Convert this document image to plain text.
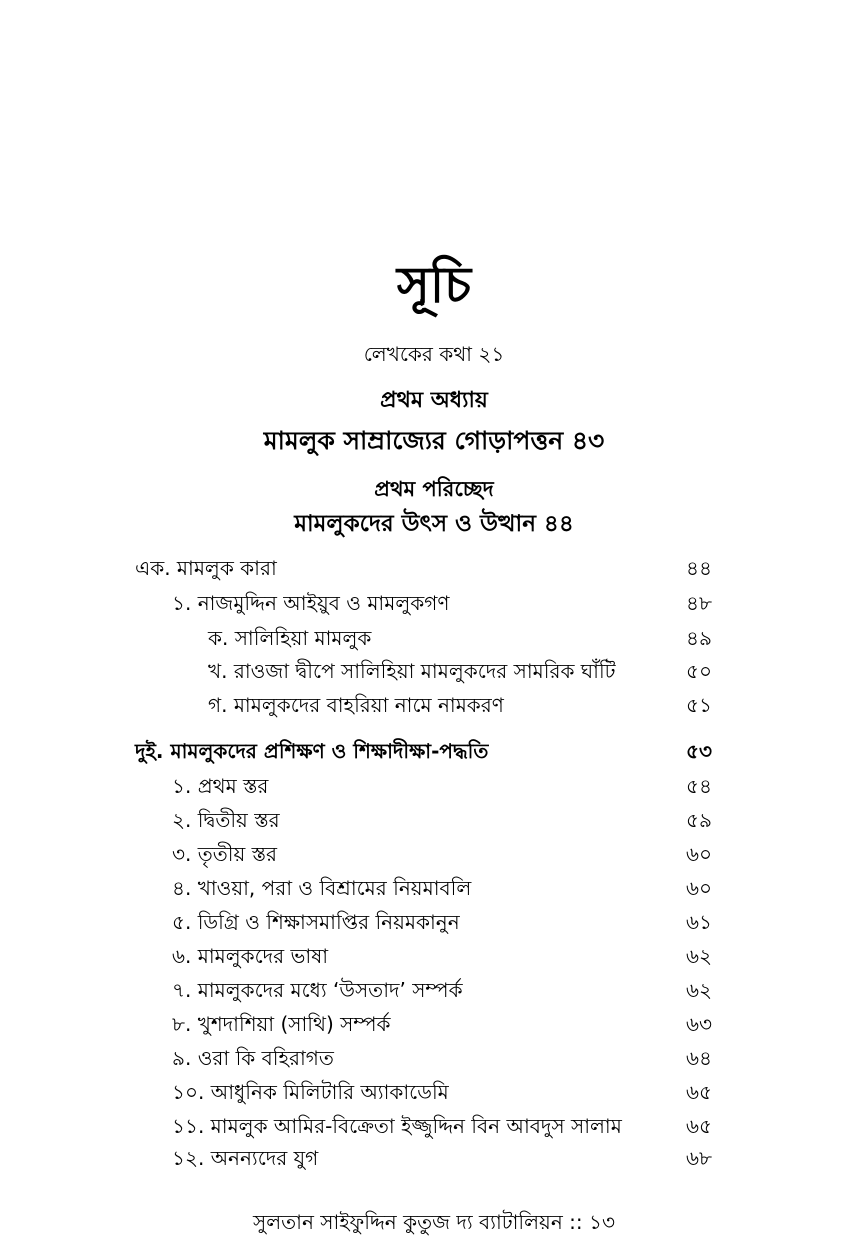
সূচি
লেখকের কথা ২১
প্রথম অধ্যায়
মামলুক সাম্রাজ্যের গোড়াপত্তন ৪৩
প্রথম পরিচ্ছেদ
মামলুকদের উৎস ও উত্থান ৪৪
এক. মামলুক কারা	৪৪
১. নাজমুদ্দিন আইয়ুব ও মামলুকগণ	৪৮
ক. সালিহিয়া মামলুক	৪৯
খ. রাওজা দ্বীপে সালিহিয়া মামলুকদের সামরিক ঘাঁটি	৫০
গ. মামলুকদের বাহরিয়া নামে নামকরণ	৫১
দুই. মামলুকদের প্রশিক্ষণ ও শিক্ষাদীক্ষা-পদ্ধতি	৫৩
১. প্রথম স্তর	৫৪
২. দ্বিতীয় স্তর	৫৯
৩. তৃতীয় স্তর	৬০
৪. খাওয়া, পরা ও বিশ্রামের নিয়মাবলি	৬০
৫. ডিগ্রি ও শিক্ষাসমাপ্তির নিয়মকানুন	৬১
৬. মামলুকদের ভাষা	৬২
৭. মামলুকদের মধ্যে ‘উসতাদ’ সম্পর্ক	৬২
৮. খুশদাশিয়া (সাথি) সম্পর্ক	৬৩
৯. ওরা কি বহিরাগত	৬৪
১০. আধুনিক মিলিটারি অ্যাকাডেমি	৬৫
১১. মামলুক আমির-বিক্রেতা ইজ্জুদ্দিন বিন আবদুস সালাম	৬৫
১২. অনন্যদের যুগ	৬৮
সুলতান সাইফুদ্দিন কুতুজ দ্য ব্যাটালিয়ন :: ১৩
